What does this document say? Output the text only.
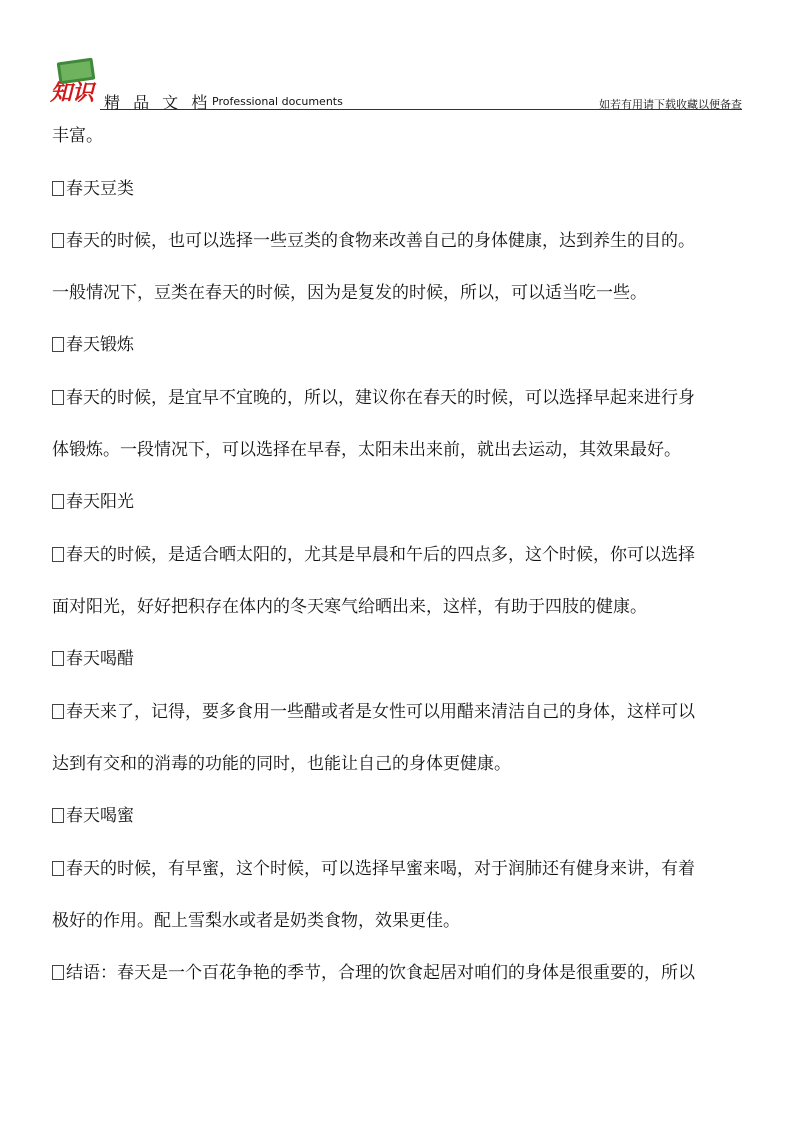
知识 精 品 文 档 Professional documents	如若有用请下载收藏以便备查

丰富。

春天豆类

春天的时候，也可以选择一些豆类的食物来改善自己的身体健康，达到养生的目的。

一般情况下，豆类在春天的时候，因为是复发的时候，所以，可以适当吃一些。

春天锻炼

春天的时候，是宜早不宜晚的，所以，建议你在春天的时候，可以选择早起来进行身

体锻炼。一段情况下，可以选择在早春，太阳未出来前，就出去运动，其效果最好。

春天阳光

春天的时候，是适合晒太阳的，尤其是早晨和午后的四点多，这个时候，你可以选择

面对阳光，好好把积存在体内的冬天寒气给晒出来，这样，有助于四肢的健康。

春天喝醋

春天来了，记得，要多食用一些醋或者是女性可以用醋来清洁自己的身体，这样可以

达到有交和的消毒的功能的同时，也能让自己的身体更健康。

春天喝蜜

春天的时候，有早蜜，这个时候，可以选择早蜜来喝，对于润肺还有健身来讲，有着

极好的作用。配上雪梨水或者是奶类食物，效果更佳。

结语：春天是一个百花争艳的季节，合理的饮食起居对咱们的身体是很重要的，所以
